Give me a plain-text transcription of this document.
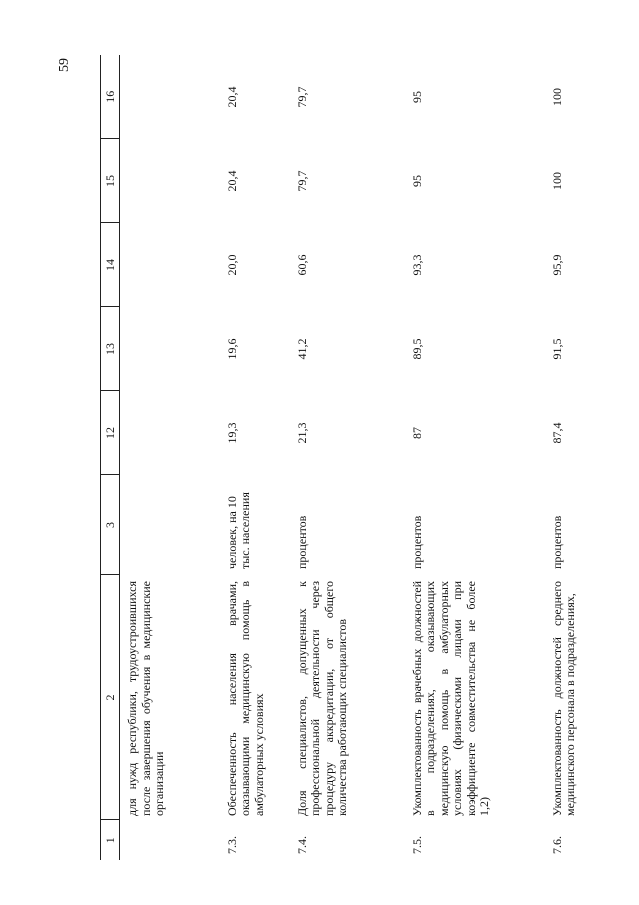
59
1	2	3	12	13	14	15	16
	для нужд республики, трудоустроившихся после завершения обучения в медицинские организации						
7.3.	Обеспеченность населения врачами, оказывающими медицинскую помощь в амбулаторных условиях	человек, на 10 тыс. населения	19,3	19,6	20,0	20,4	20,4
7.4.	Доля специалистов, допущенных к профессиональной деятельности через процедуру аккредитации, от общего количества работающих специалистов	процентов	21,3	41,2	60,6	79,7	79,7
7.5.	Укомплектованность врачебных должностей в подразделениях, оказывающих медицинскую помощь в амбулаторных условиях (физическими лицами при коэффициенте совместительства не более 1,2)	процентов	87	89,5	93,3	95	95
7.6.	Укомплектованность должностей среднего медицинского персонала в подразделениях,	процентов	87,4	91,5	95,9	100	100
